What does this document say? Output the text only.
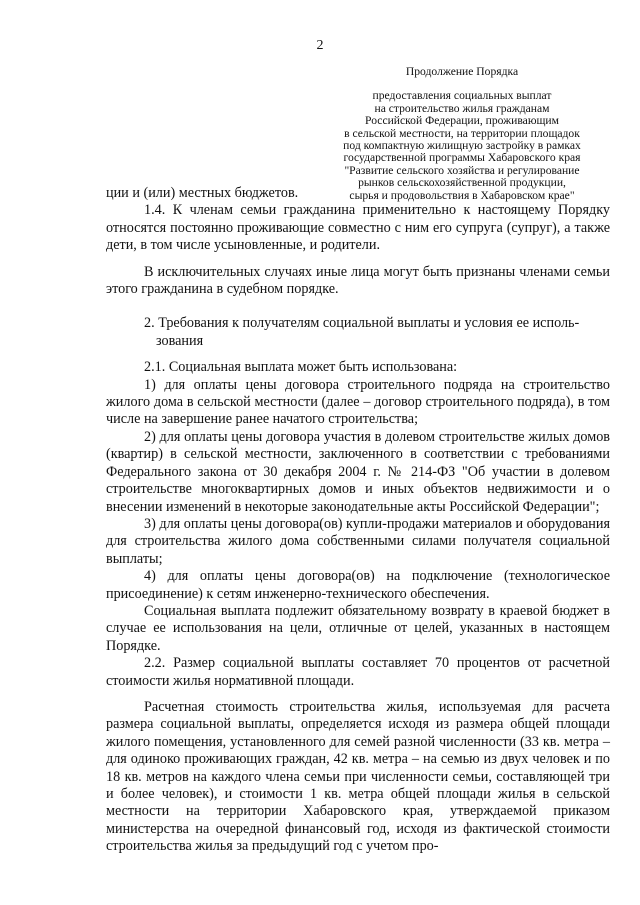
2
Продолжение Порядка
предоставления социальных выплат
на строительство жилья гражданам
Российской Федерации, проживающим
в сельской местности, на территории площадок
под компактную жилищную застройку в рамках
государственной программы Хабаровского края
"Развитие сельского хозяйства и регулирование
рынков сельскохозяйственной продукции,
сырья и продовольствия в Хабаровском крае"

ции и (или) местных бюджетов.

1.4. К членам семьи гражданина применительно к настоящему Порядку относятся постоянно проживающие совместно с ним его супруга (супруг), а также дети, в том числе усыновленные, и родители.

В исключительных случаях иные лица могут быть признаны членами семьи этого гражданина в судебном порядке.

2. Требования к получателям социальной выплаты и условия ее исполь-
зования

2.1. Социальная выплата может быть использована:

1) для оплаты цены договора строительного подряда на строительство жилого дома в сельской местности (далее – договор строительного подряда), в том числе на завершение ранее начатого строительства;

2) для оплаты цены договора участия в долевом строительстве жилых домов (квартир) в сельской местности, заключенного в соответствии с требованиями Федерального закона от 30 декабря 2004 г. № 214-ФЗ "Об участии в долевом строительстве многоквартирных домов и иных объектов недвижимости и о внесении изменений в некоторые законодательные акты Российской Федерации";

3) для оплаты цены договора(ов) купли-продажи материалов и оборудования для строительства жилого дома собственными силами получателя социальной выплаты;

4) для оплаты цены договора(ов) на подключение (технологическое присоединение) к сетям инженерно-технического обеспечения.

Социальная выплата подлежит обязательному возврату в краевой бюджет в случае ее использования на цели, отличные от целей, указанных в настоящем Порядке.

2.2. Размер социальной выплаты составляет 70 процентов от расчетной стоимости жилья нормативной площади.

Расчетная стоимость строительства жилья, используемая для расчета размера социальной выплаты, определяется исходя из размера общей площади жилого помещения, установленного для семей разной численности (33 кв. метра – для одиноко проживающих граждан, 42 кв. метра – на семью из двух человек и по 18 кв. метров на каждого члена семьи при численности семьи, составляющей три и более человек), и стоимости 1 кв. метра общей площади жилья в сельской местности на территории Хабаровского края, утверждаемой приказом министерства на очередной финансовый год, исходя из фактической стоимости строительства жилья за предыдущий год с учетом про-
